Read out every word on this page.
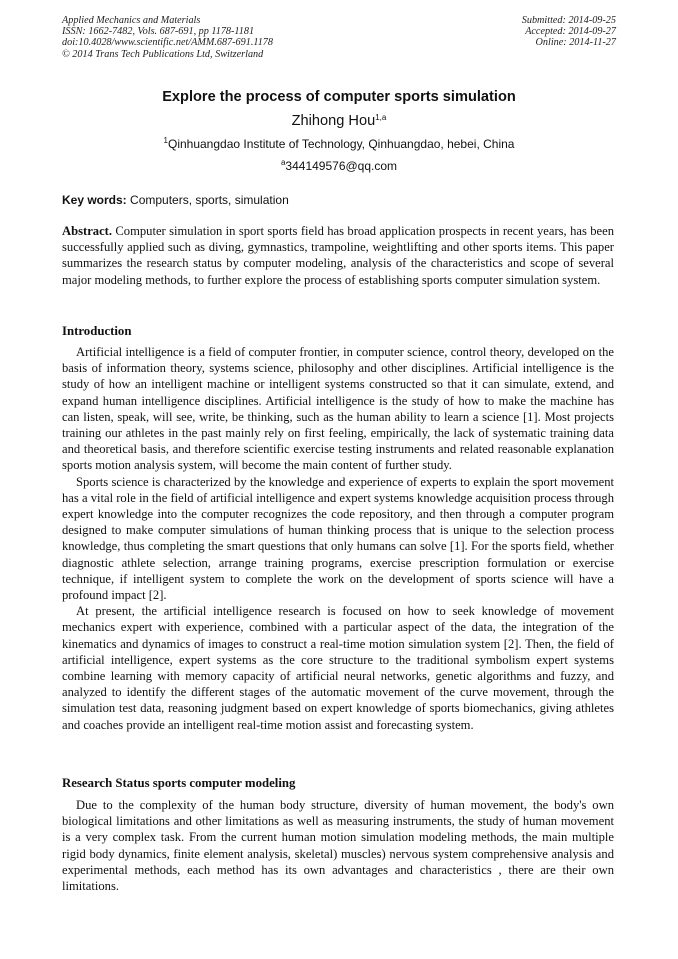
Applied Mechanics and Materials
ISSN: 1662-7482, Vols. 687-691, pp 1178-1181
doi:10.4028/www.scientific.net/AMM.687-691.1178
© 2014 Trans Tech Publications Ltd, Switzerland
Submitted: 2014-09-25
Accepted: 2014-09-27
Online: 2014-11-27
Explore the process of computer sports simulation
Zhihong Hou$^{1,a}$
$^1$Qinhuangdao Institute of Technology, Qinhuangdao, hebei, China
$^a$344149576@qq.com
Key words: Computers, sports, simulation

Abstract. Computer simulation in sport sports field has broad application prospects in recent years, has been successfully applied such as diving, gymnastics, trampoline, weightlifting and other sports items. This paper summarizes the research status by computer modeling, analysis of the characteristics and scope of several major modeling methods, to further explore the process of establishing sports computer simulation system.

Introduction

Artificial intelligence is a field of computer frontier, in computer science, control theory, developed on the basis of information theory, systems science, philosophy and other disciplines. Artificial intelligence is the study of how an intelligent machine or intelligent systems constructed so that it can simulate, extend, and expand human intelligence disciplines. Artificial intelligence is the study of how to make the machine has can listen, speak, will see, write, be thinking, such as the human ability to learn a science [1]. Most projects training our athletes in the past mainly rely on first feeling, empirically, the lack of systematic training data and theoretical basis, and therefore scientific exercise testing instruments and related reasonable explanation sports motion analysis system, will become the main content of further study.

Sports science is characterized by the knowledge and experience of experts to explain the sport movement has a vital role in the field of artificial intelligence and expert systems knowledge acquisition process through expert knowledge into the computer recognizes the code repository, and then through a computer program designed to make computer simulations of human thinking process that is unique to the selection process knowledge, thus completing the smart questions that only humans can solve [1]. For the sports field, whether diagnostic athlete selection, arrange training programs, exercise prescription formulation or exercise technique, if intelligent system to complete the work on the development of sports science will have a profound impact [2].

At present, the artificial intelligence research is focused on how to seek knowledge of movement mechanics expert with experience, combined with a particular aspect of the data, the integration of the kinematics and dynamics of images to construct a real-time motion simulation system [2]. Then, the field of artificial intelligence, expert systems as the core structure to the traditional symbolism expert systems combine learning with memory capacity of artificial neural networks, genetic algorithms and fuzzy, and analyzed to identify the different stages of the automatic movement of the curve movement, through the simulation test data, reasoning judgment based on expert knowledge of sports biomechanics, giving athletes and coaches provide an intelligent real-time motion assist and forecasting system.

Research Status sports computer modeling

Due to the complexity of the human body structure, diversity of human movement, the body's own biological limitations and other limitations as well as measuring instruments, the study of human movement is a very complex task. From the current human motion simulation modeling methods, the main multiple rigid body dynamics, finite element analysis, skeletal) muscles) nervous system comprehensive analysis and experimental methods, each method has its own advantages and characteristics , there are their own limitations.
